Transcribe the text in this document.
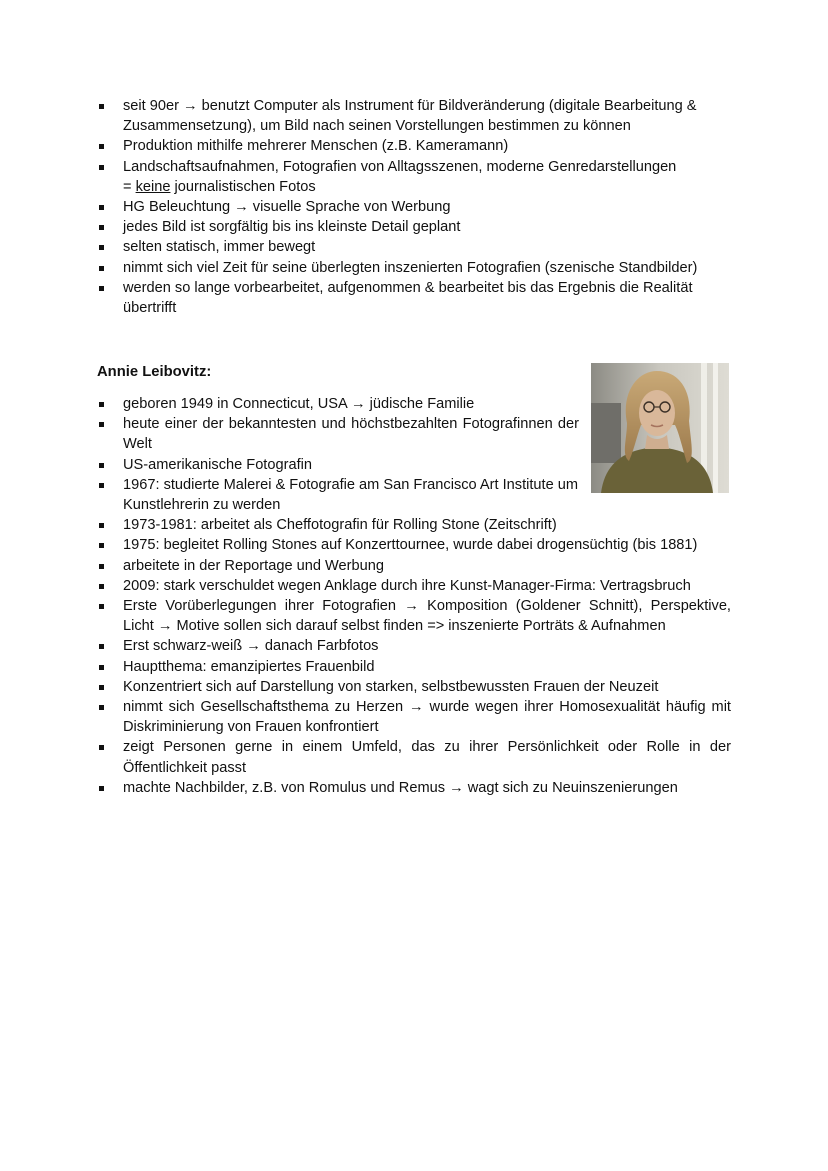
seit 90er → benutzt Computer als Instrument für Bildveränderung (digitale Bearbeitung & Zusammensetzung), um Bild nach seinen Vorstellungen bestimmen zu können
Produktion mithilfe mehrerer Menschen (z.B. Kameramann)
Landschaftsaufnahmen, Fotografien von Alltagsszenen, moderne Genredarstellungen
= keine journalistischen Fotos
HG Beleuchtung → visuelle Sprache von Werbung
jedes Bild ist sorgfältig bis ins kleinste Detail geplant
selten statisch, immer bewegt
nimmt sich viel Zeit für seine überlegten inszenierten Fotografien (szenische Standbilder)
werden so lange vorbearbeitet, aufgenommen & bearbeitet bis das Ergebnis die Realität übertrifft
Annie Leibovitz:
geboren 1949 in Connecticut, USA → jüdische Familie
heute einer der bekanntesten und höchstbezahlten Fotografinnen der Welt
US-amerikanische Fotografin
1967: studierte Malerei & Fotografie am San Francisco Art Institute um Kunstlehrerin zu werden
1973-1981: arbeitet als Cheffotografin für Rolling Stone (Zeitschrift)
1975: begleitet Rolling Stones auf Konzerttournee, wurde dabei drogensüchtig (bis 1881)
arbeitete in der Reportage und Werbung
2009: stark verschuldet wegen Anklage durch ihre Kunst-Manager-Firma: Vertragsbruch
Erste Vorüberlegungen ihrer Fotografien → Komposition (Goldener Schnitt), Perspektive, Licht → Motive sollen sich darauf selbst finden => inszenierte Porträts & Aufnahmen
Erst schwarz-weiß → danach Farbfotos
Hauptthema: emanzipiertes Frauenbild
Konzentriert sich auf Darstellung von starken, selbstbewussten Frauen der Neuzeit
nimmt sich Gesellschaftsthema zu Herzen → wurde wegen ihrer Homosexualität häufig mit Diskriminierung von Frauen konfrontiert
zeigt Personen gerne in einem Umfeld, das zu ihrer Persönlichkeit oder Rolle in der Öffentlichkeit passt
machte Nachbilder, z.B. von Romulus und Remus → wagt sich zu Neuinszenierungen
